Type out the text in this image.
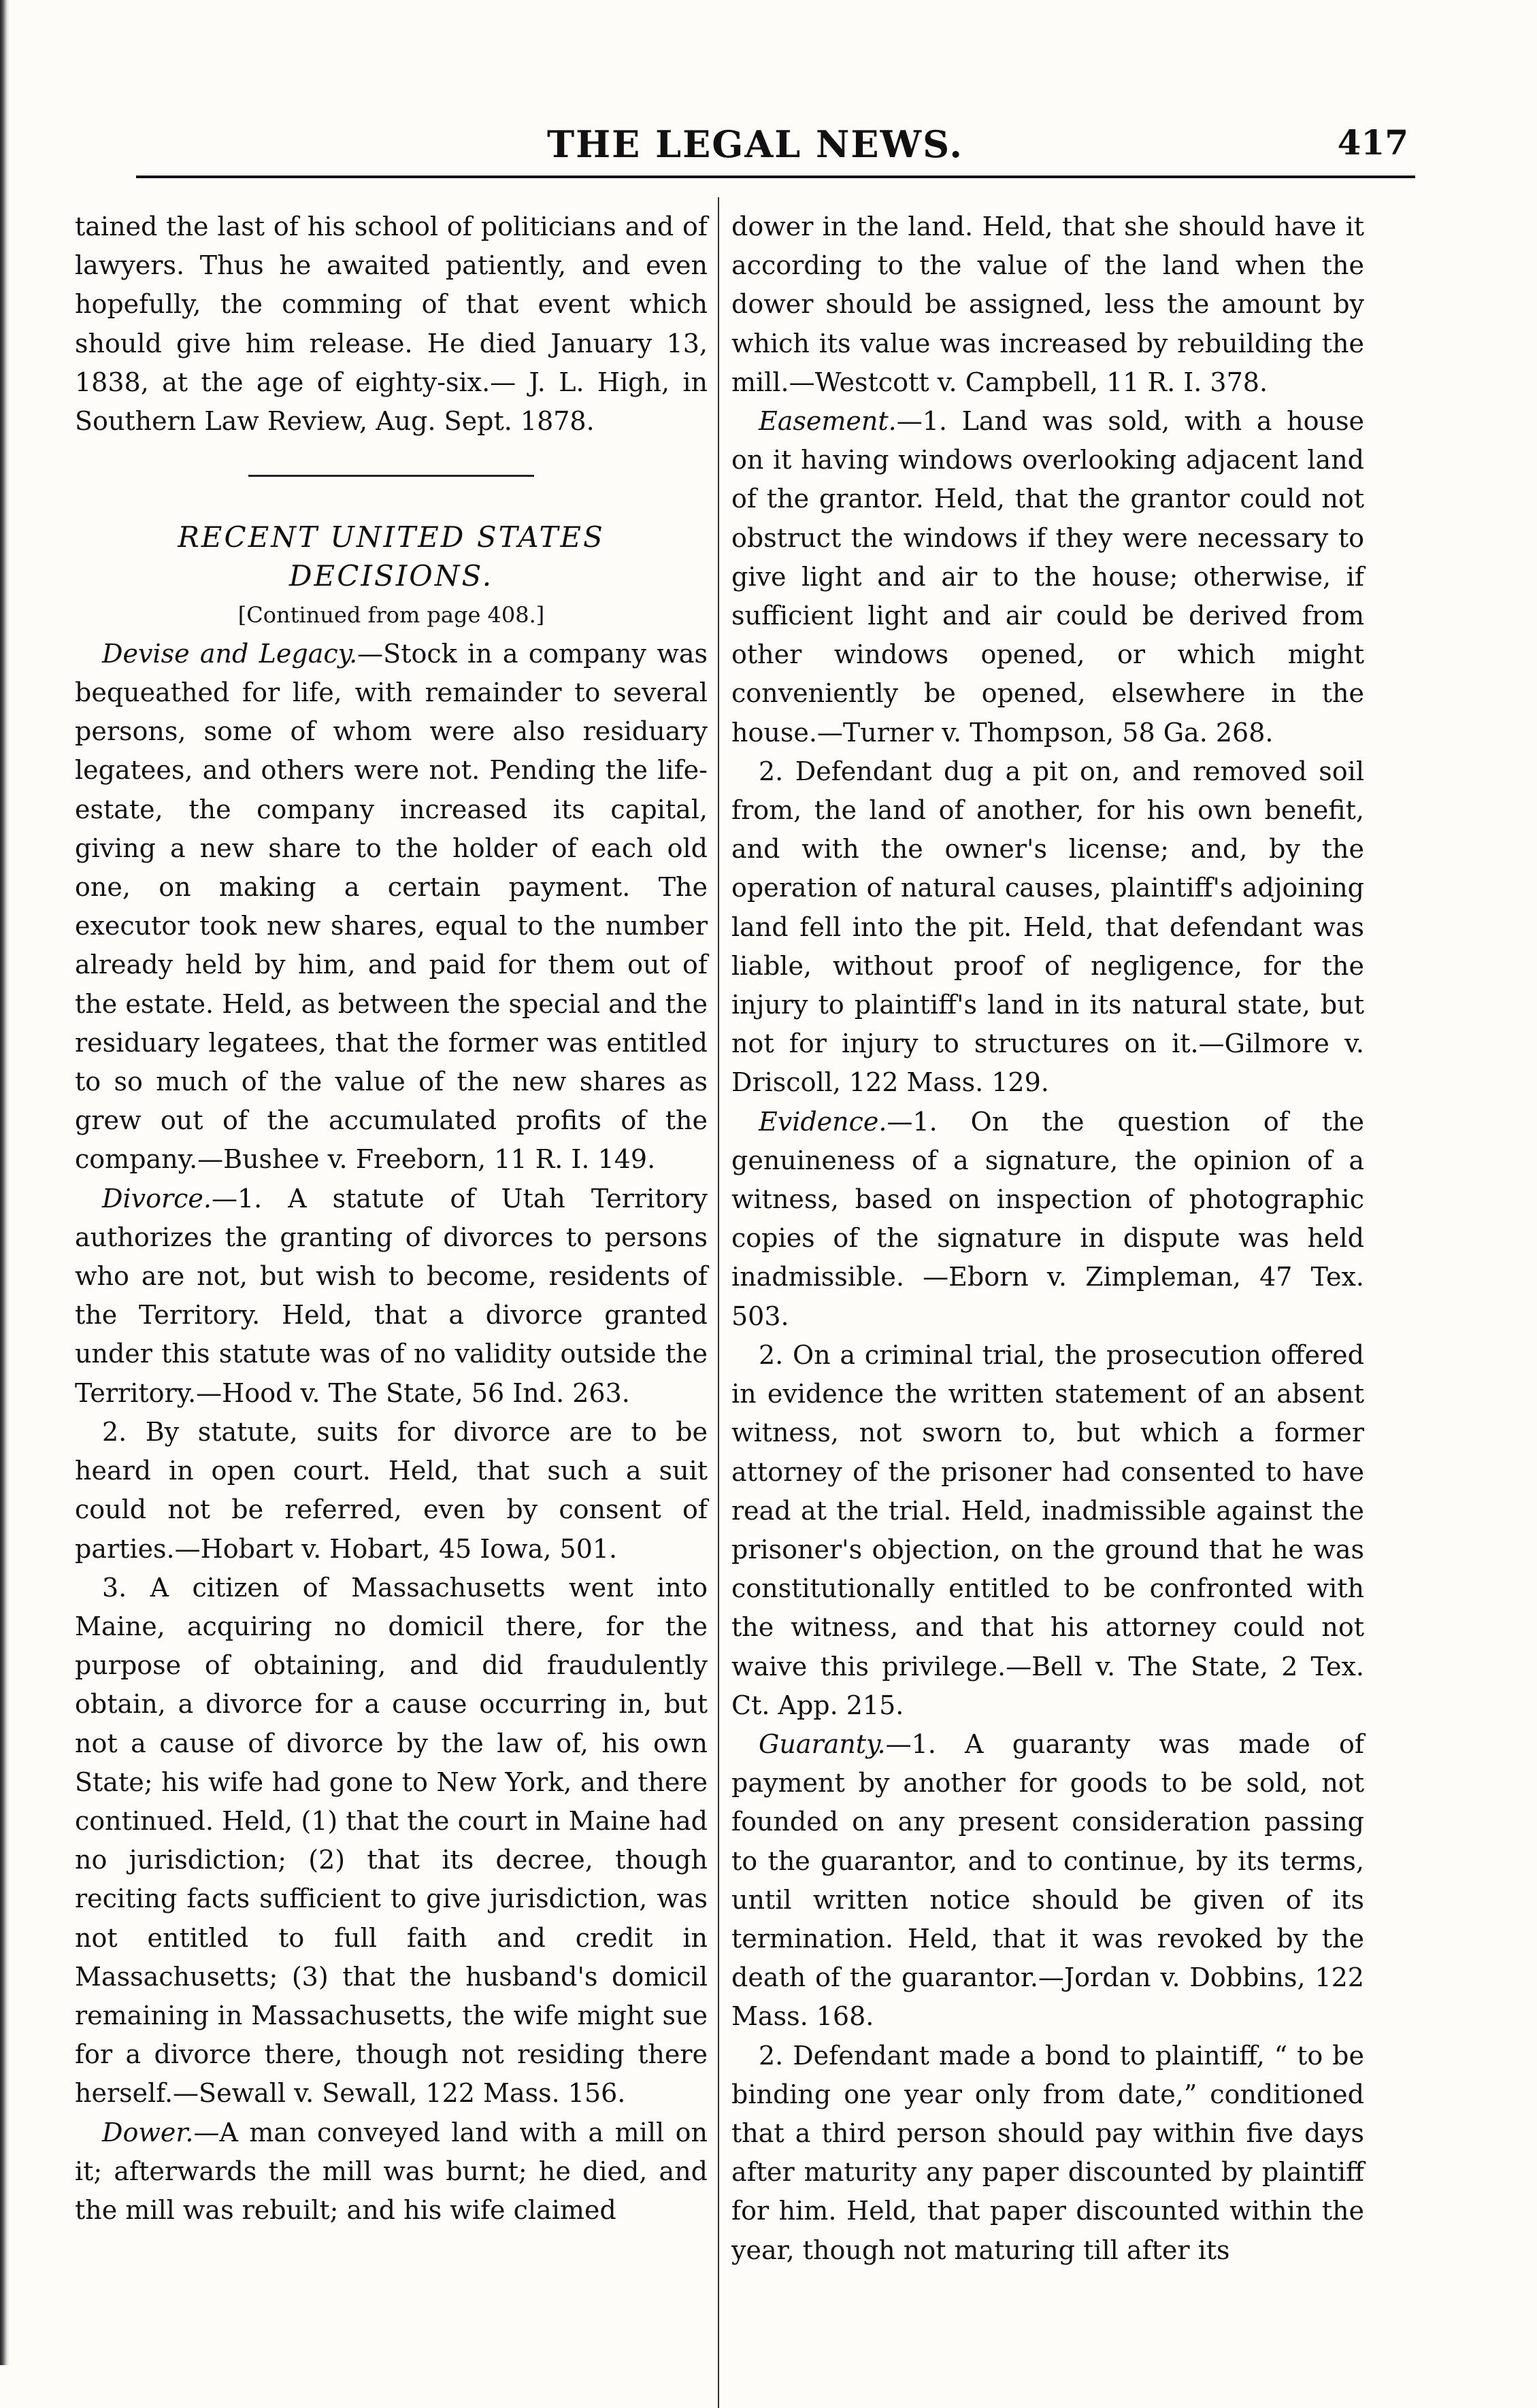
THE LEGAL NEWS.	417

tained the last of his school of politicians and of lawyers. Thus he awaited patiently, and even hopefully, the comming of that event which should give him release. He died January 13, 1838, at the age of eighty-six.— J. L. High, in Southern Law Review, Aug. Sept. 1878.

RECENT UNITED STATES DECISIONS.

[Continued from page 408.]

Devise and Legacy.—Stock in a company was bequeathed for life, with remainder to several persons, some of whom were also residuary legatees, and others were not. Pending the life-estate, the company increased its capital, giving a new share to the holder of each old one, on making a certain payment. The executor took new shares, equal to the number already held by him, and paid for them out of the estate. Held, as between the special and the residuary legatees, that the former was entitled to so much of the value of the new shares as grew out of the accumulated profits of the company.—Bushee v. Freeborn, 11 R. I. 149.

Divorce.—1. A statute of Utah Territory authorizes the granting of divorces to persons who are not, but wish to become, residents of the Territory. Held, that a divorce granted under this statute was of no validity outside the Territory.—Hood v. The State, 56 Ind. 263.

2. By statute, suits for divorce are to be heard in open court. Held, that such a suit could not be referred, even by consent of parties.—Hobart v. Hobart, 45 Iowa, 501.

3. A citizen of Massachusetts went into Maine, acquiring no domicil there, for the purpose of obtaining, and did fraudulently obtain, a divorce for a cause occurring in, but not a cause of divorce by the law of, his own State; his wife had gone to New York, and there continued. Held, (1) that the court in Maine had no jurisdiction; (2) that its decree, though reciting facts sufficient to give jurisdiction, was not entitled to full faith and credit in Massachusetts; (3) that the husband's domicil remaining in Massachusetts, the wife might sue for a divorce there, though not residing there herself.—Sewall v. Sewall, 122 Mass. 156.

Dower.—A man conveyed land with a mill on it; afterwards the mill was burnt; he died, and the mill was rebuilt; and his wife claimed

dower in the land. Held, that she should have it according to the value of the land when the dower should be assigned, less the amount by which its value was increased by rebuilding the mill.—Westcott v. Campbell, 11 R. I. 378.

Easement.—1. Land was sold, with a house on it having windows overlooking adjacent land of the grantor. Held, that the grantor could not obstruct the windows if they were necessary to give light and air to the house; otherwise, if sufficient light and air could be derived from other windows opened, or which might conveniently be opened, elsewhere in the house.—Turner v. Thompson, 58 Ga. 268.

2. Defendant dug a pit on, and removed soil from, the land of another, for his own benefit, and with the owner's license; and, by the operation of natural causes, plaintiff's adjoining land fell into the pit. Held, that defendant was liable, without proof of negligence, for the injury to plaintiff's land in its natural state, but not for injury to structures on it.—Gilmore v. Driscoll, 122 Mass. 129.

Evidence.—1. On the question of the genuineness of a signature, the opinion of a witness, based on inspection of photographic copies of the signature in dispute was held inadmissible. —Eborn v. Zimpleman, 47 Tex. 503.

2. On a criminal trial, the prosecution offered in evidence the written statement of an absent witness, not sworn to, but which a former attorney of the prisoner had consented to have read at the trial. Held, inadmissible against the prisoner's objection, on the ground that he was constitutionally entitled to be confronted with the witness, and that his attorney could not waive this privilege.—Bell v. The State, 2 Tex. Ct. App. 215.

Guaranty.—1. A guaranty was made of payment by another for goods to be sold, not founded on any present consideration passing to the guarantor, and to continue, by its terms, until written notice should be given of its termination. Held, that it was revoked by the death of the guarantor.—Jordan v. Dobbins, 122 Mass. 168.

2. Defendant made a bond to plaintiff, “ to be binding one year only from date,” conditioned that a third person should pay within five days after maturity any paper discounted by plaintiff for him. Held, that paper discounted within the year, though not maturing till after its
